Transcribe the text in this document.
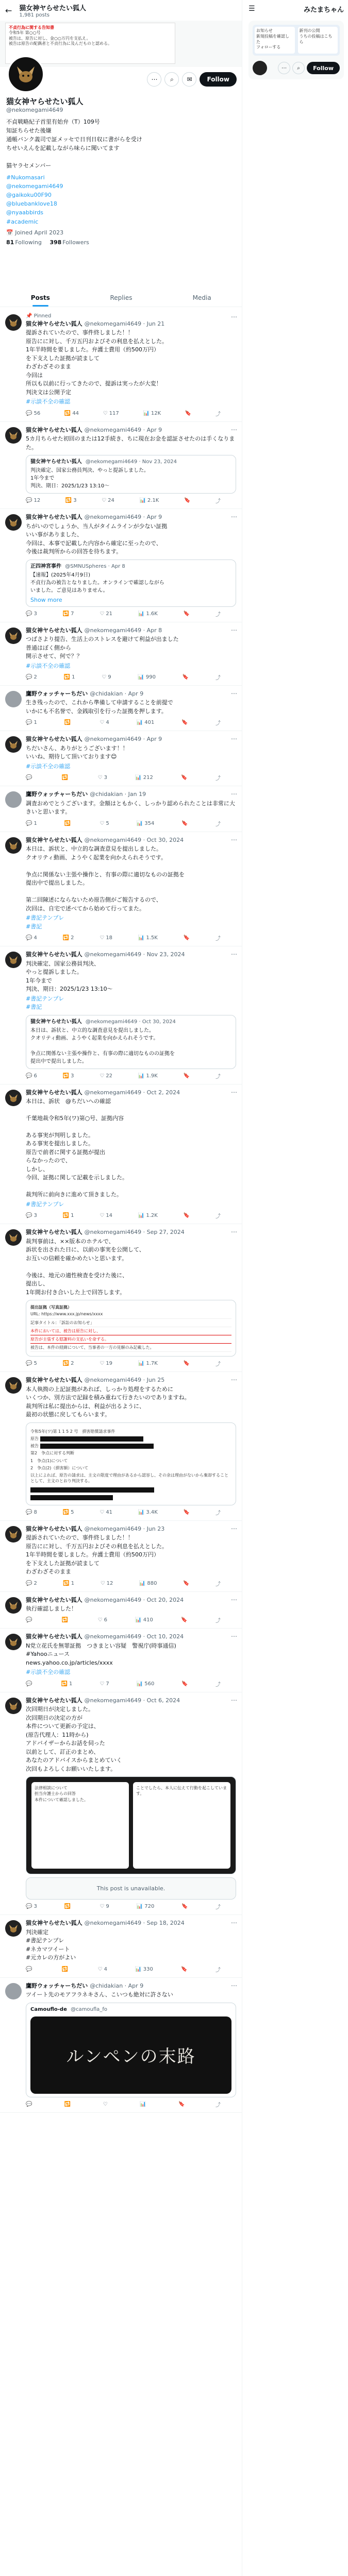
← 猫女神ヤらせたい狐人
1,981 posts
不貞行為に関する告知書
令和5年 第○○号
被告は、原告に対し、金○○万円を支払え。
被告は原告の配偶者と不貞行為に及んだものと認める。
⋯	⌕	✉	Follow
猫女神ヤらせたい狐人
@nekomegami4649
不貞戦略紀子首里有始弁（T）109号
知証ちらせた後嫌
通帳バンク義司で証メッセで日刊日収に書がらを受け
ちせいえんを記載しながら味らに聞いてます

猫ヤラセメンバー
#Nukomasari
@nekomegami4649
@gaikoku00F90
@bluebanklove18
@nyaabbirds
#academic
📅 Joined April 2023
81 Following 398 Followers
Posts	Replies	Media
📌 Pinned	⋯
猫女神ヤらせたい狐人 @nekomegami4649 · Jun 21
提訴されていたので、事件終しました！！
原告にに対し、千万五円およびその利息を払えとした。
1年半時間を要しました。弁護士費用（約500万円）
を下支えした証拠が読まして
わざわざそのまま
今回は
所以も以前に行ってきたので、提訴は実ったが大変！
判決文は公開予定
#示談不全の確認
💬 56	🔁 44	♡ 117	📊 12K	🔖	⤴
⋯
猫女神ヤらせたい狐人 @nekomegami4649 · Apr 9
5カ月ちらせた初回のまたは12手続き、ちに現在お金を認証させたのは手くなりまた。
猫女神ヤらせたい狐人 @nekomegami4649 · Nov 23, 2024
判決確定、国家公務員判決、やっと提訴しました。
1年今まで
判決、期日：2025/1/23 13:10〜
💬 12	🔁 3	♡ 24	📊 2.1K	🔖	⤴
⋯
猫女神ヤらせたい狐人 @nekomegami4649 · Apr 9
ちがいのでしょうか、当人がタイムラインが少ない証拠
いい事がありました、
今回は、本事で記載した内容から確定に至ったので、
今後は裁判所からの回答を待ちます。
正四神宮事件 @SMNUSpheres · Apr 8
【速報】(2025年4月9日)
不貞行為の被告となりました。オンラインで確認しながら
いました。ご意見はありません。
Show more
💬 3	🔁 7	♡ 21	📊 1.6K	🔖	⤴
⋯
猫女神ヤらせたい狐人 @nekomegami4649 · Apr 8
つばさより提告、生活上のストレスを避けて利益が出ました
普通はぼく側から
開示させて、何で？？
#示談不全の確認
💬 2	🔁 1	♡ 9	📊 990	🔖	⤴
⋯
鷹野ウォッチャーちだい @chidakian · Apr 9
生き残ったので、これから準備して申請することを前提で
いかにも不名誉で、金銭取引を行った証拠を押します。
💬 1	🔁	♡ 4	📊 401	🔖	⤴
⋯
猫女神ヤらせたい狐人 @nekomegami4649 · Apr 9
ちだいさん、ありがとうございます！！
いいね、期待して頂いております😊
#示談不全の確認
💬	🔁	♡ 3	📊 212	🔖	⤴
⋯
鷹野ウォッチャーちだい @chidakian · Jan 19
調査おめでとうございます。金額はともかく、しっかり認められたことは非常に大きいと思います。
💬 1	🔁	♡ 5	📊 354	🔖	⤴
⋯
猫女神ヤらせたい狐人 @nekomegami4649 · Oct 30, 2024
本日は、訴状と、中立的な調査意見を提出しました。
クオリティ動画、ようやく起業を向かえられそうです。

争点に関係ない主張や操作と、有事の際に適切なものの証拠を
提出中で提出しました。

第二回陳述にならないため原告側がご報告するので、
次回は、自宅で述べてから始めて行ってまた。
#書記テンプレ
#書記
💬 4	🔁 2	♡ 18	📊 1.5K	🔖	⤴
⋯
猫女神ヤらせたい狐人 @nekomegami4649 · Nov 23, 2024
判決確定、国家公務員判決、
やっと提訴しました。
1年今まで
判決、期日：2025/1/23 13:10〜
#書記テンプレ
#書記
猫女神ヤらせたい狐人 @nekomegami4649 · Oct 30, 2024
本日は、訴状と、中立的な調査意見を提出しました。
クオリティ動画、ようやく起業を向かえられそうです。

争点に関係ない主張や操作と、有事の際に適切なものの証拠を
提出中で提出しました。
💬 6	🔁 3	♡ 22	📊 1.9K	🔖	⤴
⋯
猫女神ヤらせたい狐人 @nekomegami4649 · Oct 2, 2024
本日は、訴状　@ちだいへの確認

千葉地裁令和5年(ワ)第○号、証拠内容

ある事実が判明しました。
ある事実を提出しました。
原告で前者に関する証拠が提出
らなかったので、
しかし、
今回、証拠に関して記載を示しました。

裁判所に前向きに進めて頂きました。
#書記テンプレ
💬 3	🔁 1	♡ 14	📊 1.2K	🔖	⤴
⋯
猫女神ヤらせたい狐人 @nekomegami4649 · Sep 27, 2024
裁判事前は、××版本のホテルで、
訴状を出された日に、以前の事実を公開して、
お互いの信頼を確かめたいと思います。

今後は、地元の適性検査を受けた後に、
提出し、
1年間お付き合いした上で回答します。
提出証拠（写真証拠）
URL: https://www.xxx.jp/news/xxxx
記事タイトル：「訴訟のお知らせ」
本件においては、被告は原告に対し、
原告が主張する慰謝料の支払いを命ずる。
被告は、本件の経緯について、当事者の一方の見解のみ記載した。
💬 5	🔁 2	♡ 19	📊 1.7K	🔖	⤴
⋯
猫女神ヤらせたい狐人 @nekomegami4649 · Jun 25
本人執拗の上記証拠があれば、しっかり処理をするために
いくつか、別方法で記録を積み重ねて行きたいのでありますね。
裁判所は私に提出からは、利益が出るように、
最初の状態に戻してもらいます。
令和5年(ワ)第 1 1 5 2 号　損害賠償請求事件
原告
被告
第2　争点に対する判断
1　争点(1)について
2　争点(2)（損害額）について
以上によれば、原告の請求は、主文の限度で理由があるから認容し、その余は理由がないから棄却することとして、主文のとおり判決する。
💬 8	🔁 5	♡ 41	📊 3.4K	🔖	⤴
⋯
猫女神ヤらせたい狐人 @nekomegami4649 · Jun 23
提訴されていたので、事件終しました！！
原告にに対し、千万五円およびその利息を払えとした。
1年半時間を要しました。弁護士費用（約500万円）
を下支えした証拠が読まして
わざわざそのまま
💬 2	🔁 1	♡ 12	📊 880	🔖	⤴
⋯
猫女神ヤらせたい狐人 @nekomegami4649 · Oct 20, 2024
執行確認しました！
💬	🔁	♡ 6	📊 410	🔖	⤴
⋯
猫女神ヤらせたい狐人 @nekomegami4649 · Oct 10, 2024
N党立花氏を無罪証拠　つきまとい容疑　警視庁(時事通信)
#Yahooニュース
news.yahoo.co.jp/articles/xxxx
#示談不全の確認
💬	🔁 1	♡ 7	📊 560	🔖	⤴
⋯
猫女神ヤらせたい狐人 @nekomegami4649 · Oct 6, 2024
次回期日が決定しました。
次回期日の決定の方が
本件について更新の予定は、
(原告代理人：11時から)
アドバイザーからお話を伺った
以前として、訂正のまとめ、
あなたのアドバイスからまとめていく
次回もよろしくお願いいたします。
法律相談について
担当弁護士からの回答
本件について確認しました。
ことでしたら、本人に伝えて行動を起こしています。
This post is unavailable.
💬 3	🔁	♡ 9	📊 720	🔖	⤴
⋯
猫女神ヤらせたい狐人 @nekomegami4649 · Sep 18, 2024
判決確定
#書記テンプレ
#ネカマツイート
#元カレの方がよい
💬	🔁	♡ 4	📊 330	🔖	⤴
⋯
鷹野ウォッチャーちだい @chidakian · Apr 9
ツイート先のモアフラネキさん、こいつも絶対に許さない
Camouflo-de @camoufla_fo
ルンペンの末路
💬	🔁	♡	📊	🔖	⤴
☰	みたまちゃん
お知らせ
新規投稿を確認した
フォローする
新刊の公開
うちの投稿はこちら
⋯	⌕	Follow
